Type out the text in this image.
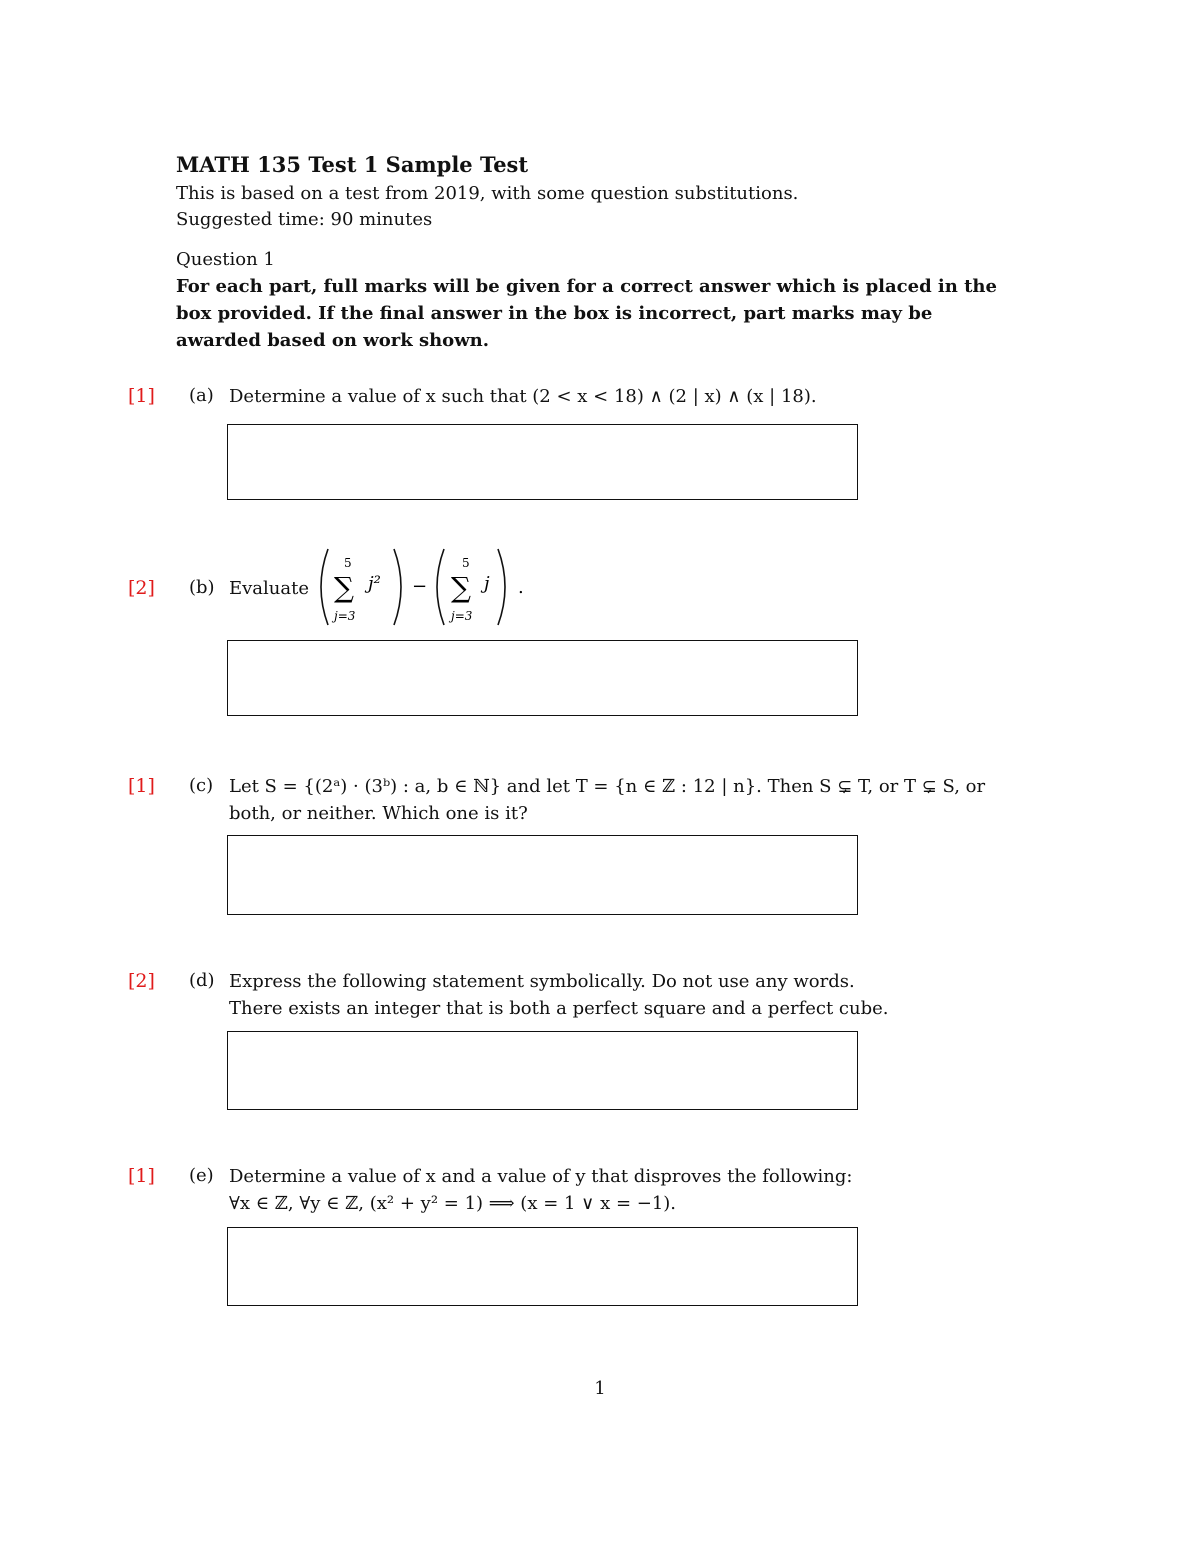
MATH 135 Test 1 Sample Test
This is based on a test from 2019, with some question substitutions.
Suggested time: 90 minutes
Question 1
For each part, full marks will be given for a correct answer which is placed in the box provided. If the final answer in the box is incorrect, part marks may be awarded based on work shown.
[1] (a) Determine a value of x such that (2 < x < 18) ∧ (2 | x) ∧ (x | 18).
[2] (b) Evaluate
5
∑
j=3
j² −
5
∑
j=3
j .
[1] (c) Let S = {(2ᵃ) · (3ᵇ) : a, b ∈ ℕ} and let T = {n ∈ ℤ : 12 | n}. Then S ⊊ T, or T ⊊ S, or both, or neither. Which one is it?
[2] (d) Express the following statement symbolically. Do not use any words.
There exists an integer that is both a perfect square and a perfect cube.
[1] (e) Determine a value of x and a value of y that disproves the following:
∀x ∈ ℤ, ∀y ∈ ℤ, (x² + y² = 1) ⟹ (x = 1 ∨ x = −1).
1
